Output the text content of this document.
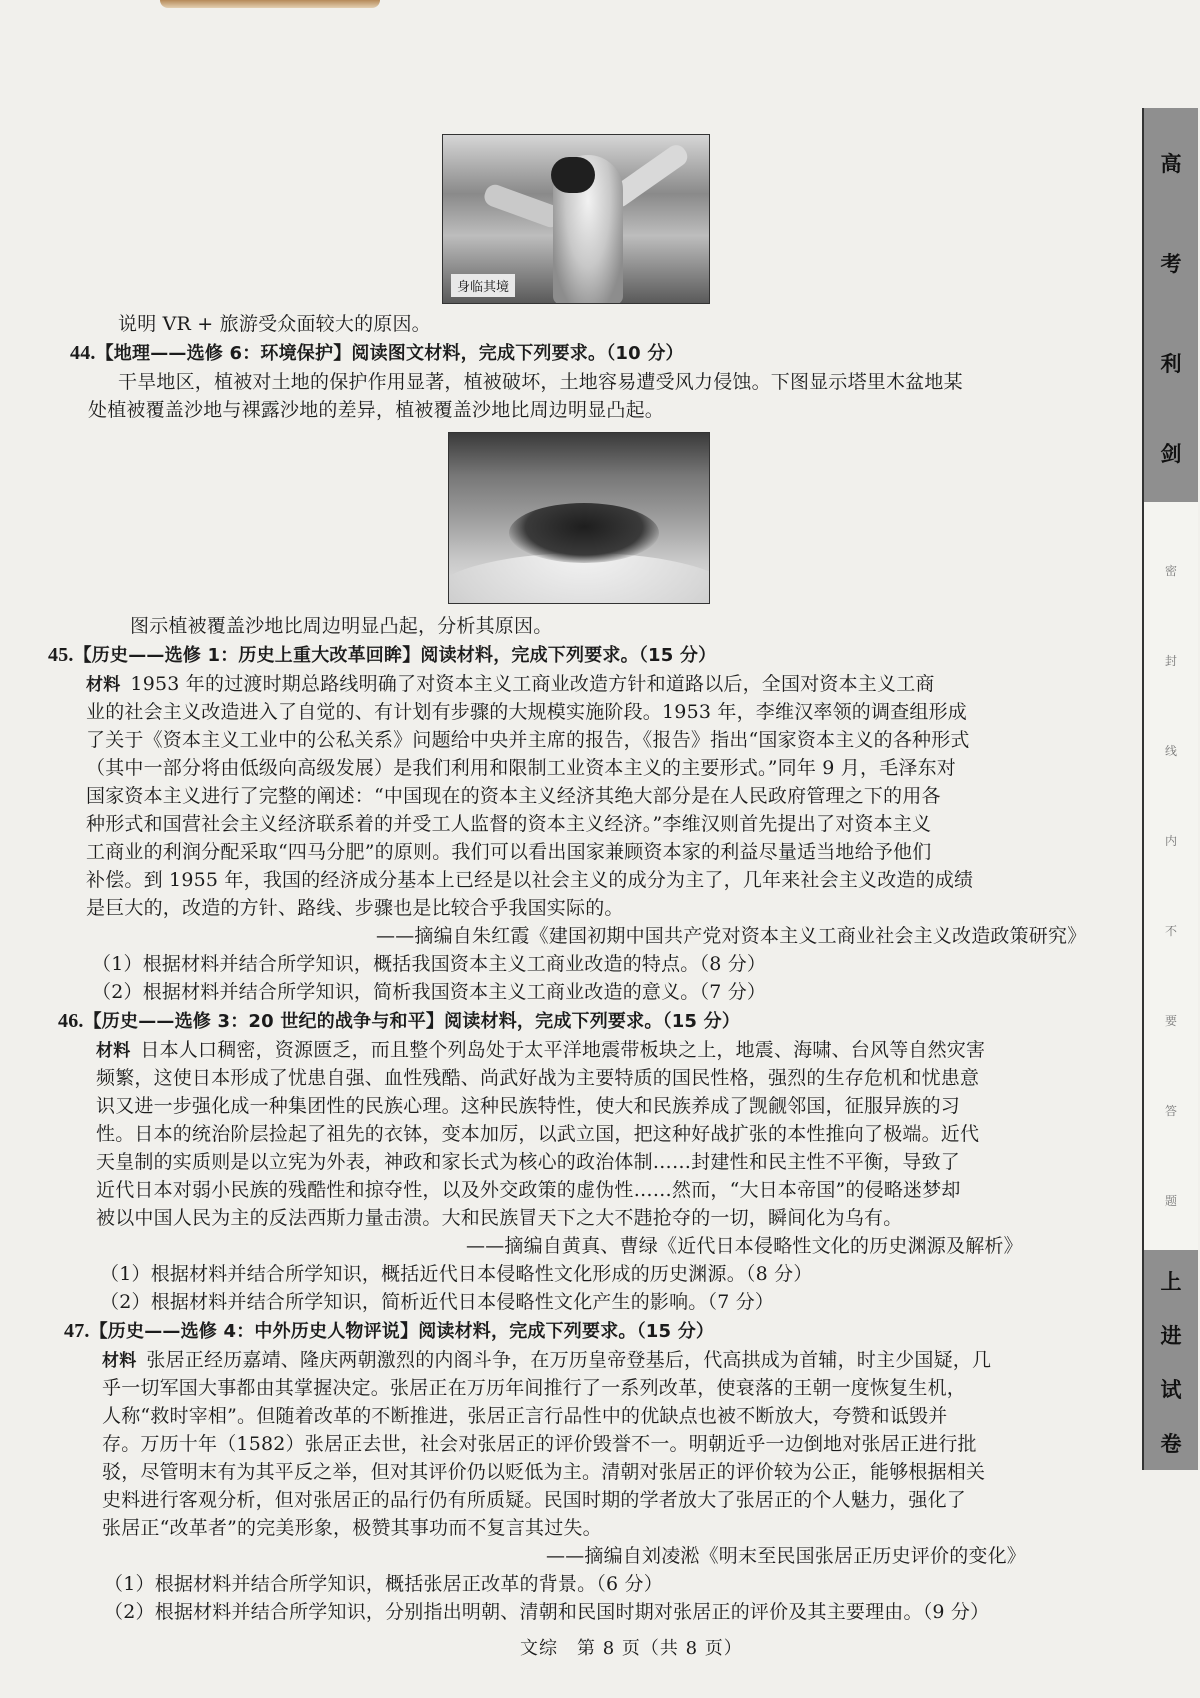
身临其境
说明 VR + 旅游受众面较大的原因。
44.【地理——选修 6：环境保护】阅读图文材料，完成下列要求。（10 分）
干旱地区，植被对土地的保护作用显著，植被破坏，土地容易遭受风力侵蚀。下图显示塔里木盆地某
处植被覆盖沙地与裸露沙地的差异，植被覆盖沙地比周边明显凸起。
图示植被覆盖沙地比周边明显凸起，分析其原因。
45.【历史——选修 1：历史上重大改革回眸】阅读材料，完成下列要求。（15 分）
材料 1953 年的过渡时期总路线明确了对资本主义工商业改造方针和道路以后，全国对资本主义工商
业的社会主义改造进入了自觉的、有计划有步骤的大规模实施阶段。1953 年，李维汉率领的调查组形成
了关于《资本主义工业中的公私关系》问题给中央并主席的报告，《报告》指出“国家资本主义的各种形式
（其中一部分将由低级向高级发展）是我们利用和限制工业资本主义的主要形式。”同年 9 月，毛泽东对
国家资本主义进行了完整的阐述：“中国现在的资本主义经济其绝大部分是在人民政府管理之下的用各
种形式和国营社会主义经济联系着的并受工人监督的资本主义经济。”李维汉则首先提出了对资本主义
工商业的利润分配采取“四马分肥”的原则。我们可以看出国家兼顾资本家的利益尽量适当地给予他们
补偿。到 1955 年，我国的经济成分基本上已经是以社会主义的成分为主了，几年来社会主义改造的成绩
是巨大的，改造的方针、路线、步骤也是比较合乎我国实际的。
——摘编自朱红霞《建国初期中国共产党对资本主义工商业社会主义改造政策研究》
（1）根据材料并结合所学知识，概括我国资本主义工商业改造的特点。（8 分）
（2）根据材料并结合所学知识，简析我国资本主义工商业改造的意义。（7 分）
46.【历史——选修 3：20 世纪的战争与和平】阅读材料，完成下列要求。（15 分）
材料 日本人口稠密，资源匮乏，而且整个列岛处于太平洋地震带板块之上，地震、海啸、台风等自然灾害
频繁，这使日本形成了忧患自强、血性残酷、尚武好战为主要特质的国民性格，强烈的生存危机和忧患意
识又进一步强化成一种集团性的民族心理。这种民族特性，使大和民族养成了觊觎邻国，征服异族的习
性。日本的统治阶层捡起了祖先的衣钵，变本加厉，以武立国，把这种好战扩张的本性推向了极端。近代
天皇制的实质则是以立宪为外表，神政和家长式为核心的政治体制……封建性和民主性不平衡，导致了
近代日本对弱小民族的残酷性和掠夺性，以及外交政策的虚伪性……然而，“大日本帝国”的侵略迷梦却
被以中国人民为主的反法西斯力量击溃。大和民族冒天下之大不韪抢夺的一切，瞬间化为乌有。
——摘编自黄真、曹绿《近代日本侵略性文化的历史渊源及解析》
（1）根据材料并结合所学知识，概括近代日本侵略性文化形成的历史渊源。（8 分）
（2）根据材料并结合所学知识，简析近代日本侵略性文化产生的影响。（7 分）
47.【历史——选修 4：中外历史人物评说】阅读材料，完成下列要求。（15 分）
材料 张居正经历嘉靖、隆庆两朝激烈的内阁斗争，在万历皇帝登基后，代高拱成为首辅，时主少国疑，几
乎一切军国大事都由其掌握决定。张居正在万历年间推行了一系列改革，使衰落的王朝一度恢复生机，
人称“救时宰相”。但随着改革的不断推进，张居正言行品性中的优缺点也被不断放大，夸赞和诋毁并
存。万历十年（1582）张居正去世，社会对张居正的评价毁誉不一。明朝近乎一边倒地对张居正进行批
驳，尽管明末有为其平反之举，但对其评价仍以贬低为主。清朝对张居正的评价较为公正，能够根据相关
史料进行客观分析，但对张居正的品行仍有所质疑。民国时期的学者放大了张居正的个人魅力，强化了
张居正“改革者”的完美形象，极赞其事功而不复言其过失。
——摘编自刘凌淞《明末至民国张居正历史评价的变化》
（1）根据材料并结合所学知识，概括张居正改革的背景。（6 分）
（2）根据材料并结合所学知识，分别指出明朝、清朝和民国时期对张居正的评价及其主要理由。（9 分）
文综　第 8 页（共 8 页）
高
考
利
剑
密
封
线
内
不
要
答
题
上
进
试
卷
